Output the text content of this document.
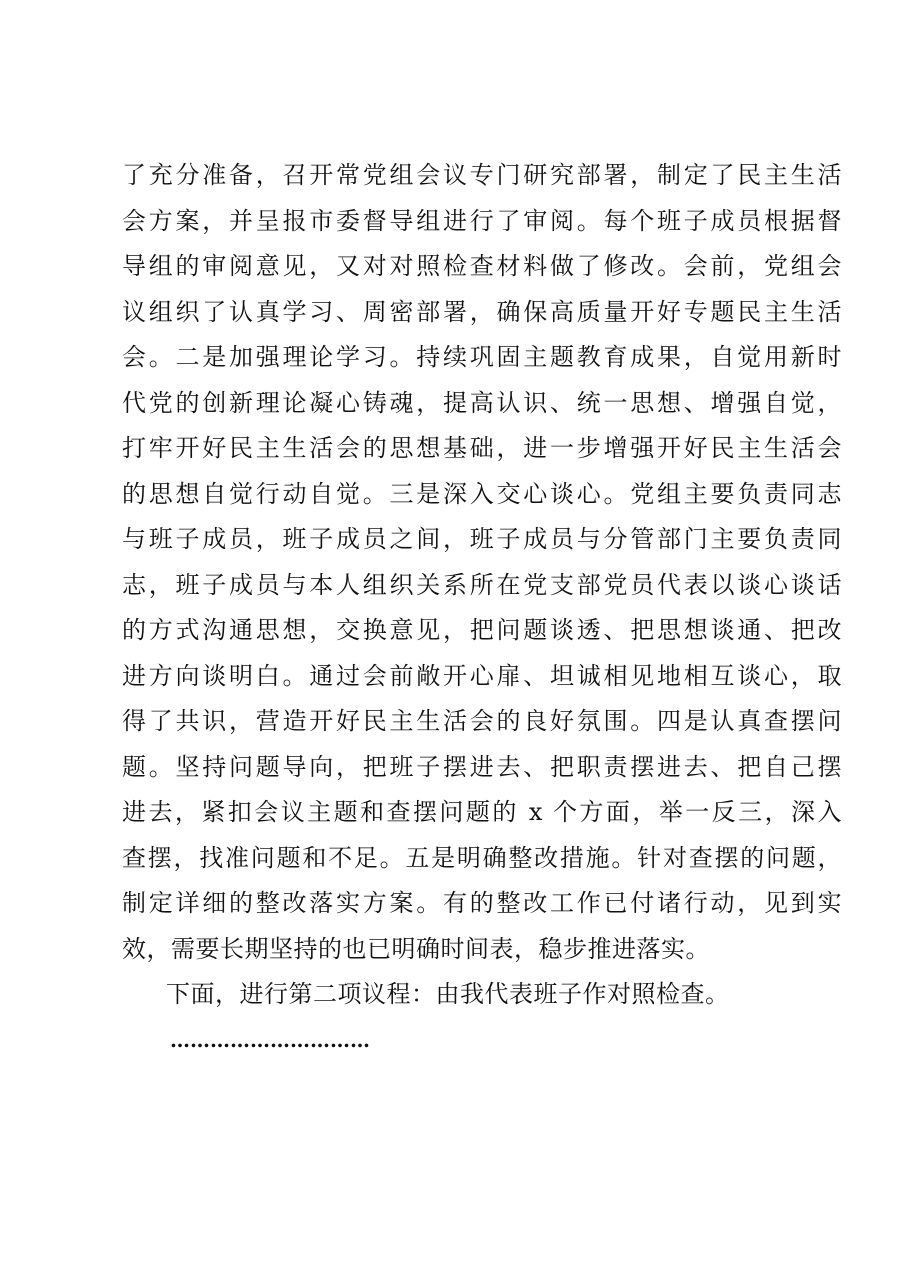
了充分准备，召开常党组会议专门研究部署，制定了民主生活
会方案，并呈报市委督导组进行了审阅。每个班子成员根据督
导组的审阅意见，又对对照检查材料做了修改。会前，党组会
议组织了认真学习、周密部署，确保高质量开好专题民主生活
会。二是加强理论学习。持续巩固主题教育成果，自觉用新时
代党的创新理论凝心铸魂，提高认识、统一思想、增强自觉，
打牢开好民主生活会的思想基础，进一步增强开好民主生活会
的思想自觉行动自觉。三是深入交心谈心。党组主要负责同志
与班子成员，班子成员之间，班子成员与分管部门主要负责同
志，班子成员与本人组织关系所在党支部党员代表以谈心谈话
的方式沟通思想，交换意见，把问题谈透、把思想谈通、把改
进方向谈明白。通过会前敞开心扉、坦诚相见地相互谈心，取
得了共识，营造开好民主生活会的良好氛围。四是认真查摆问
题。坚持问题导向，把班子摆进去、把职责摆进去、把自己摆
进去，紧扣会议主题和查摆问题的 x 个方面，举一反三，深入
查摆，找准问题和不足。五是明确整改措施。针对查摆的问题，
制定详细的整改落实方案。有的整改工作已付诸行动，见到实
效，需要长期坚持的也已明确时间表，稳步推进落实。
下面，进行第二项议程：由我代表班子作对照检查。
…………………………
